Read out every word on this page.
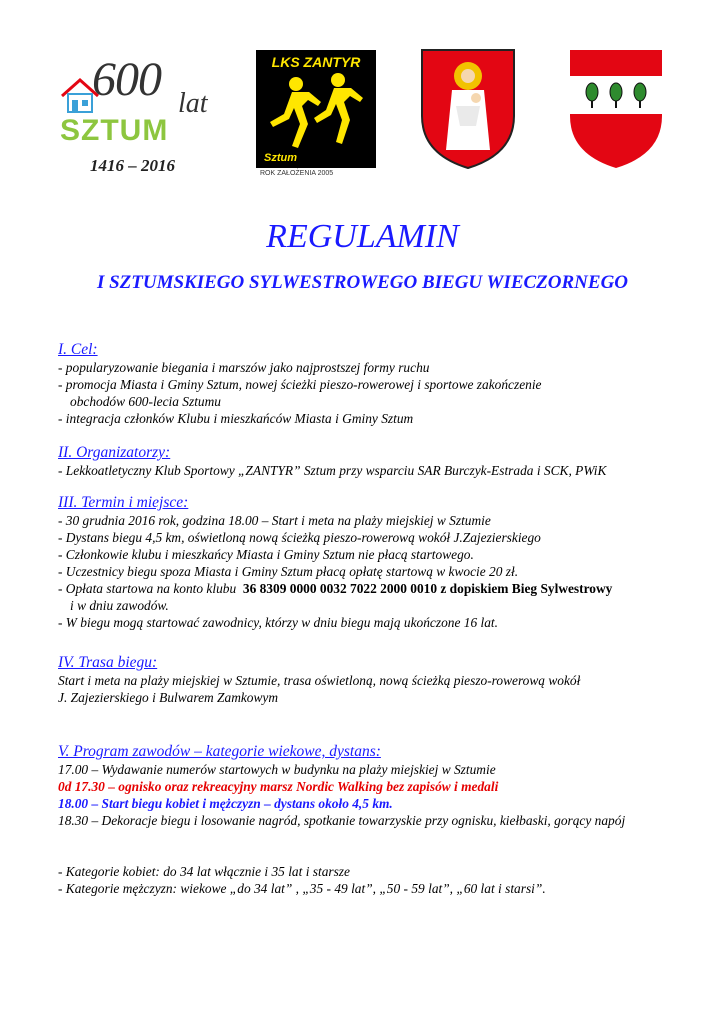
600 lat
SZTUM
1416 – 2016
LKS ZANTYR
Sztum
ROK ZAŁOŻENIA 2005
REGULAMIN
I SZTUMSKIEGO SYLWESTROWEGO BIEGU WIECZORNEGO
I. Cel:
- popularyzowanie biegania i marszów jako najprostszej formy ruchu
- promocja Miasta i Gminy Sztum, nowej ścieżki pieszo-rowerowej i sportowe zakończenie
obchodów 600-lecia Sztumu
- integracja członków Klubu i mieszkańców Miasta i Gminy Sztum
II. Organizatorzy:
- Lekkoatletyczny Klub Sportowy „ZANTYR” Sztum przy wsparciu SAR Burczyk-Estrada i SCK, PWiK
III. Termin i miejsce:
- 30 grudnia 2016 rok, godzina 18.00 – Start i meta na plaży miejskiej w Sztumie
- Dystans biegu 4,5 km, oświetloną nową ścieżką pieszo-rowerową wokół J.Zajezierskiego
- Członkowie klubu i mieszkańcy Miasta i Gminy Sztum nie płacą startowego.
- Uczestnicy biegu spoza Miasta i Gminy Sztum płacą opłatę startową w kwocie 20 zł.
- Opłata startowa na konto klubu  36 8309 0000 0032 7022 2000 0010 z dopiskiem Bieg Sylwestrowy
i w dniu zawodów.
- W biegu mogą startować zawodnicy, którzy w dniu biegu mają ukończone 16 lat.
IV. Trasa biegu:
Start i meta na plaży miejskiej w Sztumie, trasa oświetloną, nową ścieżką pieszo-rowerową wokół
J. Zajezierskiego i Bulwarem Zamkowym
V. Program zawodów – kategorie wiekowe, dystans:
17.00 – Wydawanie numerów startowych w budynku na plaży miejskiej w Sztumie
0d 17.30 – ognisko oraz rekreacyjny marsz Nordic Walking bez zapisów i medali
18.00 – Start biegu kobiet i mężczyzn – dystans około 4,5 km.
18.30 – Dekoracje biegu i losowanie nagród, spotkanie towarzyskie przy ognisku, kiełbaski, gorący napój
- Kategorie kobiet: do 34 lat włącznie i 35 lat i starsze
- Kategorie mężczyzn: wiekowe „do 34 lat” , „35 - 49 lat”, „50 - 59 lat”, „60 lat i starsi”.
